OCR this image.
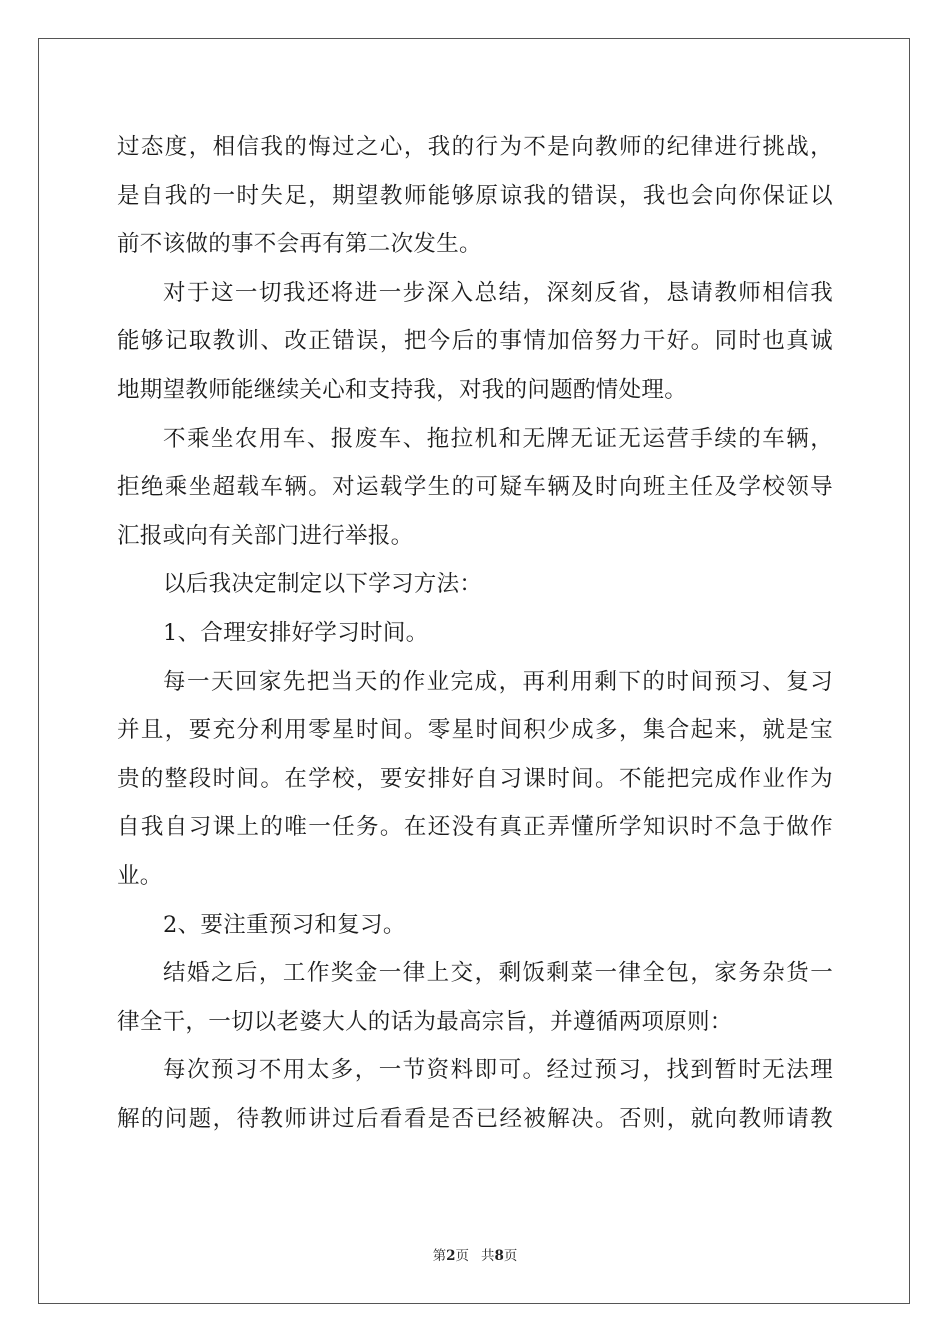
过态度，相信我的悔过之心，我的行为不是向教师的纪律进行挑战，
是自我的一时失足，期望教师能够原谅我的错误，我也会向你保证以
前不该做的事不会再有第二次发生。
对于这一切我还将进一步深入总结，深刻反省，恳请教师相信我
能够记取教训、改正错误，把今后的事情加倍努力干好。同时也真诚
地期望教师能继续关心和支持我，对我的问题酌情处理。
不乘坐农用车、报废车、拖拉机和无牌无证无运营手续的车辆，
拒绝乘坐超载车辆。对运载学生的可疑车辆及时向班主任及学校领导
汇报或向有关部门进行举报。
以后我决定制定以下学习方法：
1、合理安排好学习时间。
每一天回家先把当天的作业完成，再利用剩下的时间预习、复习
并且，要充分利用零星时间。零星时间积少成多，集合起来，就是宝
贵的整段时间。在学校，要安排好自习课时间。不能把完成作业作为
自我自习课上的唯一任务。在还没有真正弄懂所学知识时不急于做作
业。
2、要注重预习和复习。
结婚之后，工作奖金一律上交，剩饭剩菜一律全包，家务杂货一
律全干，一切以老婆大人的话为最高宗旨，并遵循两项原则：
每次预习不用太多，一节资料即可。经过预习，找到暂时无法理
解的问题，待教师讲过后看看是否已经被解决。否则，就向教师请教
第2页 共8页
